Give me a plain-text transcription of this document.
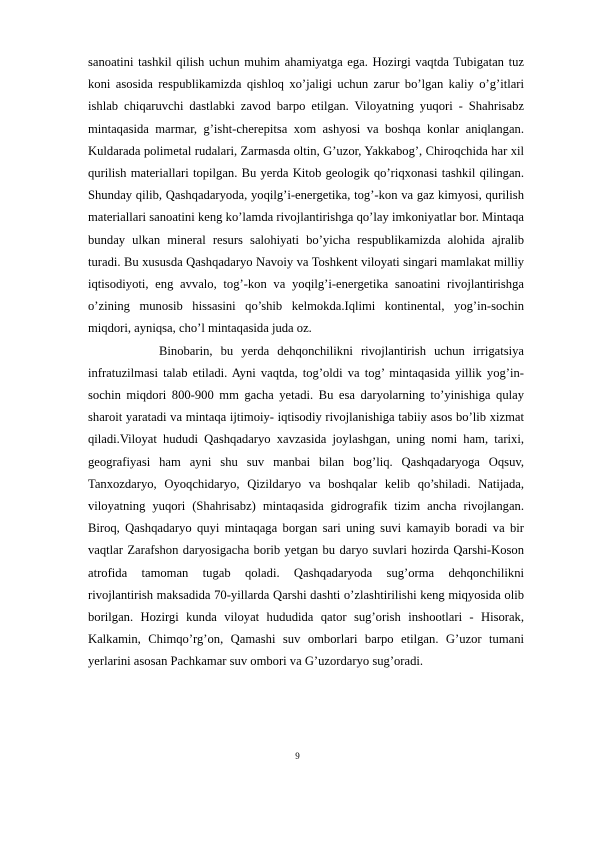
sanoatini tashkil qilish uchun muhim ahamiyatga ega. Hozirgi vaqtda Tubigatan tuz koni asosida respublikamizda qishloq xo’jaligi uchun zarur bo’lgan kaliy o’g’itlari ishlab chiqaruvchi dastlabki zavod barpo etilgan. Viloyatning yuqori - Shahrisabz mintaqasida marmar, g’isht-cherepitsa xom ashyosi va boshqa konlar aniqlangan. Kuldarada polimetal rudalari, Zarmasda oltin, G’uzor, Yakkabog’, Chiroqchida har xil qurilish materiallari topilgan. Bu yerda Kitob geologik qo’riqxonasi tashkil qilingan. Shunday qilib, Qashqadaryoda, yoqilg’i-energetika, tog’-kon va gaz kimyosi, qurilish materiallari sanoatini keng ko’lamda rivojlantirishga qo’lay imkoniyatlar bor. Mintaqa bunday ulkan mineral resurs salohiyati bo’yicha respublikamizda alohida ajralib turadi. Bu xususda Qashqadaryo Navoiy va Toshkent viloyati singari mamlakat milliy iqtisodiyoti, eng avvalo, tog’-kon va yoqilg’i-energetika sanoatini rivojlantirishga o’zining munosib hissasini qo’shib kelmokda.Iqlimi kontinental, yog’in-sochin miqdori, ayniqsa, cho’l mintaqasida juda oz.

Binobarin, bu yerda dehqonchilikni rivojlantirish uchun irrigatsiya infratuzilmasi talab etiladi. Ayni vaqtda, tog’oldi va tog’ mintaqasida yillik yog’in-sochin miqdori 800-900 mm gacha yetadi. Bu esa daryolarning to’yinishiga qulay sharoit yaratadi va mintaqa ijtimoiy- iqtisodiy rivojlanishiga tabiiy asos bo’lib xizmat qiladi.Viloyat hududi Qashqadaryo xavzasida joylashgan, uning nomi ham, tarixi, geografiyasi ham ayni shu suv manbai bilan bog’liq. Qashqadaryoga Oqsuv, Tanxozdaryo, Oyoqchidaryo, Qizildaryo va boshqalar kelib qo’shiladi. Natijada, viloyatning yuqori (Shahrisabz) mintaqasida gidrografik tizim ancha rivojlangan. Biroq, Qashqadaryo quyi mintaqaga borgan sari uning suvi kamayib boradi va bir vaqtlar Zarafshon daryosigacha borib yetgan bu daryo suvlari hozirda Qarshi-Koson atrofida tamoman tugab qoladi. Qashqadaryoda sug’orma dehqonchilikni rivojlantirish maksadida 70-yillarda Qarshi dashti o’zlashtirilishi keng miqyosida olib borilgan. Hozirgi kunda viloyat hududida qator sug’orish inshootlari - Hisorak, Kalkamin, Chimqo’rg’on, Qamashi suv omborlari barpo etilgan. G’uzor tumani yerlarini asosan Pachkamar suv ombori va G’uzordaryo sug’oradi.

9
